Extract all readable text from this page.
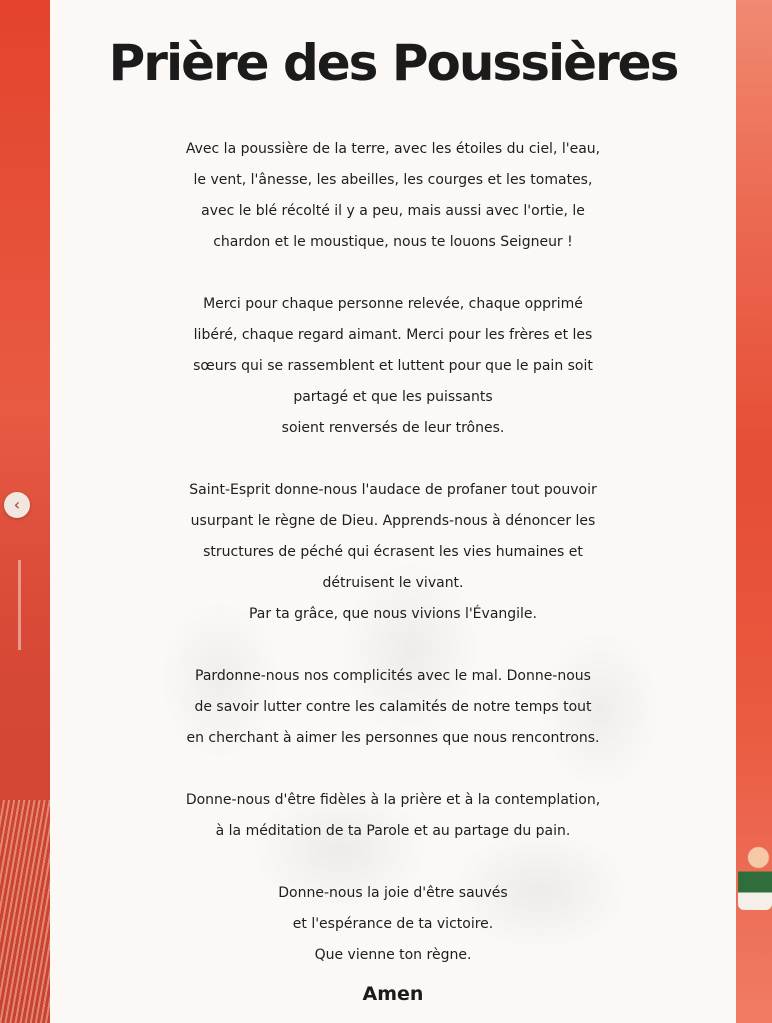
‹
Prière des Poussières
Avec la poussière de la terre, avec les étoiles du ciel, l'eau,
le vent, l'ânesse, les abeilles, les courges et les tomates,
avec le blé récolté il y a peu, mais aussi avec l'ortie, le
chardon et le moustique, nous te louons Seigneur !
Merci pour chaque personne relevée, chaque opprimé
libéré, chaque regard aimant. Merci pour les frères et les
sœurs qui se rassemblent et luttent pour que le pain soit
partagé et que les puissants
soient renversés de leur trônes.
Saint-Esprit donne-nous l'audace de profaner tout pouvoir
usurpant le règne de Dieu. Apprends-nous à dénoncer les
structures de péché qui écrasent les vies humaines et
détruisent le vivant.
Par ta grâce, que nous vivions l'Évangile.
Pardonne-nous nos complicités avec le mal. Donne-nous
de savoir lutter contre les calamités de notre temps tout
en cherchant à aimer les personnes que nous rencontrons.
Donne-nous d'être fidèles à la prière et à la contemplation,
à la méditation de ta Parole et au partage du pain.
Donne-nous la joie d'être sauvés
et l'espérance de ta victoire.
Que vienne ton règne.
Amen
